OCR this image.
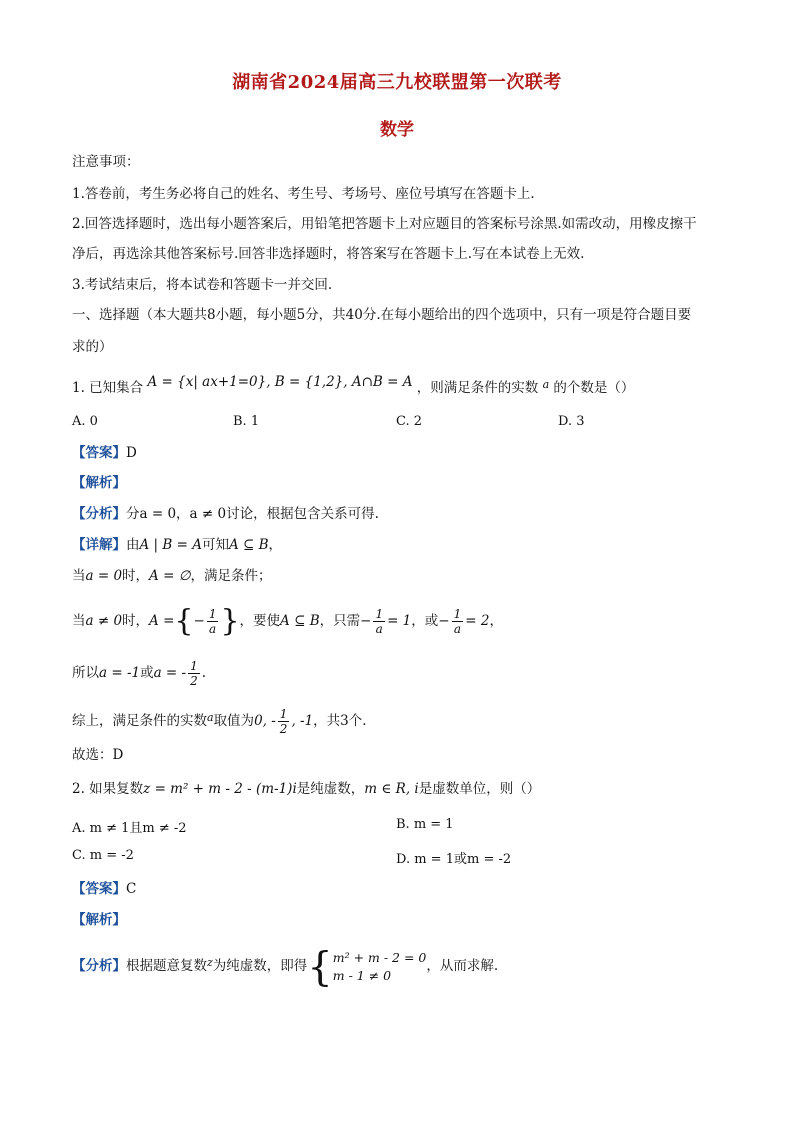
湖南省2024届高三九校联盟第一次联考
数学
注意事项：
1.答卷前，考生务必将自己的姓名、考生号、考场号、座位号填写在答题卡上.
2.回答选择题时，选出每小题答案后，用铅笔把答题卡上对应题目的答案标号涂黑.如需改动，用橡皮擦干
净后，再选涂其他答案标号.回答非选择题时，将答案写在答题卡上.写在本试卷上无效.
3.考试结束后，将本试卷和答题卡一并交回.
一、选择题（本大题共8小题，每小题5分，共40分.在每小题给出的四个选项中，只有一项是符合题目要
求的）
1. 已知集合 A = {x| ax+1=0}, B = {1,2}, A∩B = A ，则满足条件的实数 $^a$ 的个数是（）
A. 0	B. 1	C. 2	D. 3
【答案】D
【解析】
【分析】分a = 0，a ≠ 0讨论，根据包含关系可得.
【详解】由A | B = A可知A ⊆ B，
当a = 0时，A = ∅，满足条件；
当a ≠ 0时，A ={− $\frac{1}{a}$ }，要使A ⊆ B，只需− $\frac{1}{a} = 1$，或− $\frac{1}{a} = 2$，
所以a = -1或a = - $\frac{1}{2}$ .
综上，满足条件的实数$^a$取值为0, - $\frac{1}{2}$ , -1，共3个.
故选：D
2. 如果复数z = m² + m - 2 - (m-1)i是纯虚数，m ∈ R, i是虚数单位，则（）
A. m ≠ 1且m ≠ -2	B. m = 1
C. m = -2	D. m = 1或m = -2
【答案】C
【解析】
【分析】根据题意复数$^z$为纯虚数，即得{ m² + m - 2 = 0
m - 1 ≠ 0
，从而求解.
